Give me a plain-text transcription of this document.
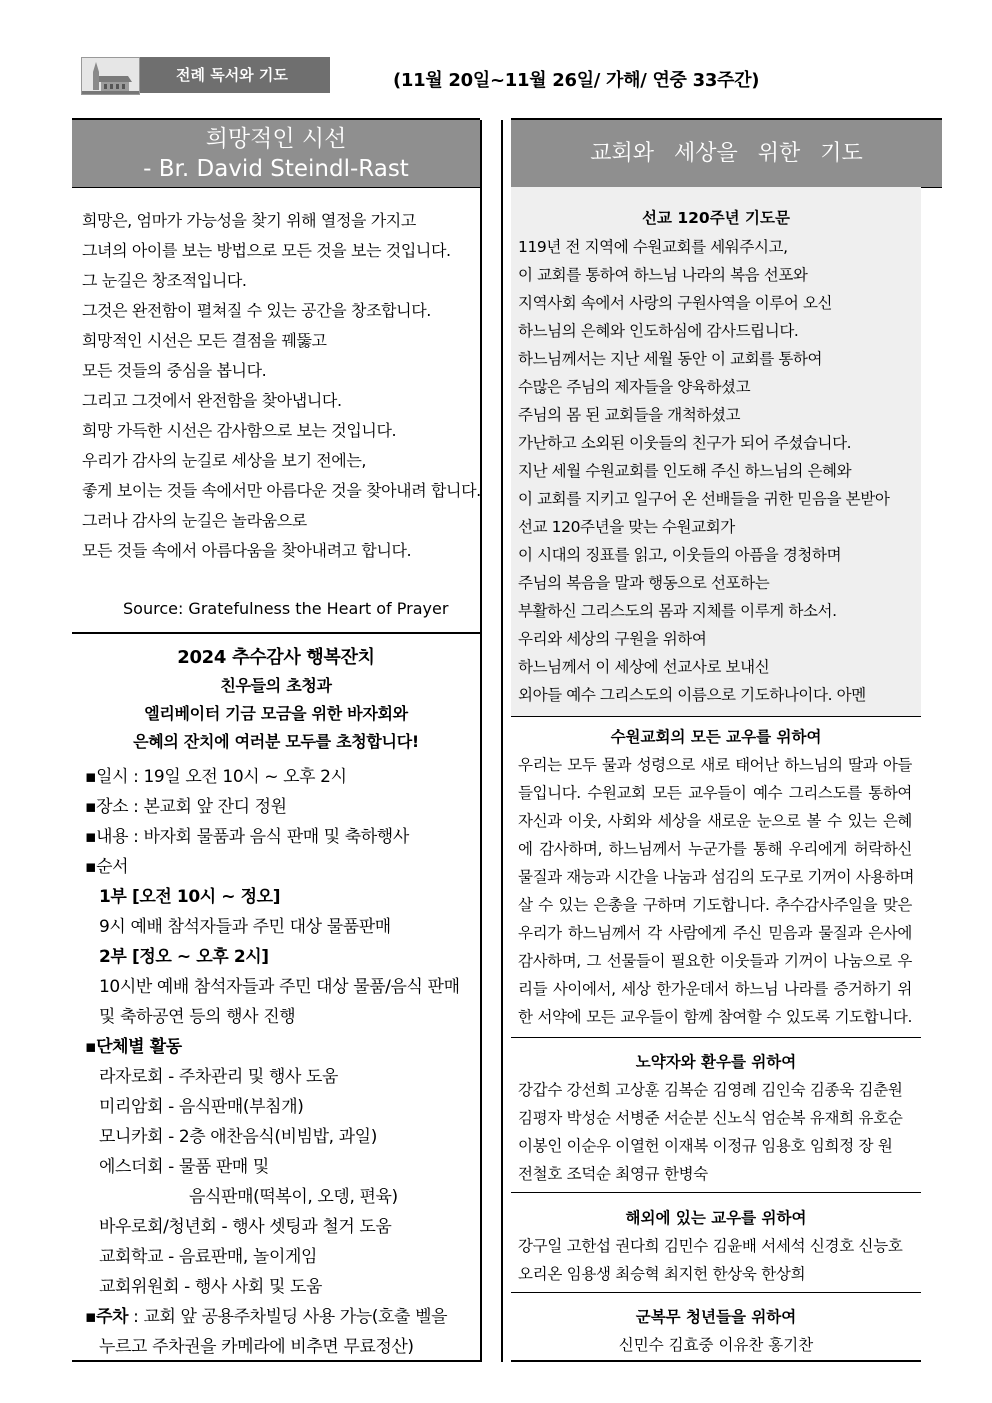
전례 독서와 기도	(11월 20일~11월 26일/ 가해/ 연중 33주간)
희망적인 시선
- Br. David Steindl-Rast
희망은, 엄마가 가능성을 찾기 위해 열정을 가지고
그녀의 아이를 보는 방법으로 모든 것을 보는 것입니다.
그 눈길은 창조적입니다.
그것은 완전함이 펼쳐질 수 있는 공간을 창조합니다.
희망적인 시선은 모든 결점을 꿰뚫고
모든 것들의 중심을 봅니다.
그리고 그것에서 완전함을 찾아냅니다.
희망 가득한 시선은 감사함으로 보는 것입니다.
우리가 감사의 눈길로 세상을 보기 전에는,
좋게 보이는 것들 속에서만 아름다운 것을 찾아내려 합니다.
그러나 감사의 눈길은 놀라움으로
모든 것들 속에서 아름다움을 찾아내려고 합니다.
Source: Gratefulness the Heart of Prayer
2024 추수감사 행복잔치
친우들의 초청과
엘리베이터 기금 모금을 위한 바자회와
은혜의 잔치에 여러분 모두를 초청합니다!
▪일시 : 19일 오전 10시 ~ 오후 2시
▪장소 : 본교회 앞 잔디 정원
▪내용 : 바자회 물품과 음식 판매 및 축하행사
▪순서
1부 [오전 10시 ~ 정오]
9시 예배 참석자들과 주민 대상 물품판매
2부 [정오 ~ 오후 2시]
10시반 예배 참석자들과 주민 대상 물품/음식 판매
및 축하공연 등의 행사 진행
▪단체별 활동
라자로회 - 주차관리 및 행사 도움
미리암회 - 음식판매(부침개)
모니카회 - 2층 애찬음식(비빔밥, 과일)
에스더회 - 물품 판매 및
음식판매(떡복이, 오뎅, 편육)
바우로회/청년회 - 행사 셋팅과 철거 도움
교회학교 - 음료판매, 놀이게임
교회위원회 - 행사 사회 및 도움
▪주차 : 교회 앞 공용주차빌딩 사용 가능(호출 벨을
누르고 주차권을 카메라에 비추면 무료정산)
교회와 세상을 위한 기도
선교 120주년 기도문
119년 전 지역에 수원교회를 세워주시고,
이 교회를 통하여 하느님 나라의 복음 선포와
지역사회 속에서 사랑의 구원사역을 이루어 오신
하느님의 은혜와 인도하심에 감사드립니다.
하느님께서는 지난 세월 동안 이 교회를 통하여
수많은 주님의 제자들을 양육하셨고
주님의 몸 된 교회들을 개척하셨고
가난하고 소외된 이웃들의 친구가 되어 주셨습니다.
지난 세월 수원교회를 인도해 주신 하느님의 은혜와
이 교회를 지키고 일구어 온 선배들을 귀한 믿음을 본받아
선교 120주년을 맞는 수원교회가
이 시대의 징표를 읽고, 이웃들의 아픔을 경청하며
주님의 복음을 말과 행동으로 선포하는
부활하신 그리스도의 몸과 지체를 이루게 하소서.
우리와 세상의 구원을 위하여
하느님께서 이 세상에 선교사로 보내신
외아들 예수 그리스도의 이름으로 기도하나이다. 아멘
수원교회의 모든 교우를 위하여
우리는 모두 물과 성령으로 새로 태어난 하느님의 딸과 아들
들입니다. 수원교회 모든 교우들이 예수 그리스도를 통하여
자신과 이웃, 사회와 세상을 새로운 눈으로 볼 수 있는 은혜
에 감사하며, 하느님께서 누군가를 통해 우리에게 허락하신
물질과 재능과 시간을 나눔과 섬김의 도구로 기꺼이 사용하며
살 수 있는 은총을 구하며 기도합니다. 추수감사주일을 맞은
우리가 하느님께서 각 사람에게 주신 믿음과 물질과 은사에
감사하며, 그 선물들이 필요한 이웃들과 기꺼이 나눔으로 우
리들 사이에서, 세상 한가운데서 하느님 나라를 증거하기 위
한 서약에 모든 교우들이 함께 참여할 수 있도록 기도합니다.
노약자와 환우를 위하여
강갑수 강선희 고상훈 김복순 김영례 김인숙 김종욱 김춘원
김평자 박성순 서병준 서순분 신노식 엄순복 유재희 유호순
이봉인 이순우 이열헌 이재복 이정규 임용호 임희정 장 원
전철호 조덕순 최영규 한병숙
해외에 있는 교우를 위하여
강구일 고한섭 권다희 김민수 김윤배 서세석 신경호 신능호
오리온 임용생 최승혁 최지헌 한상욱 한상희
군복무 청년들을 위하여
신민수 김효중 이유찬 홍기찬
